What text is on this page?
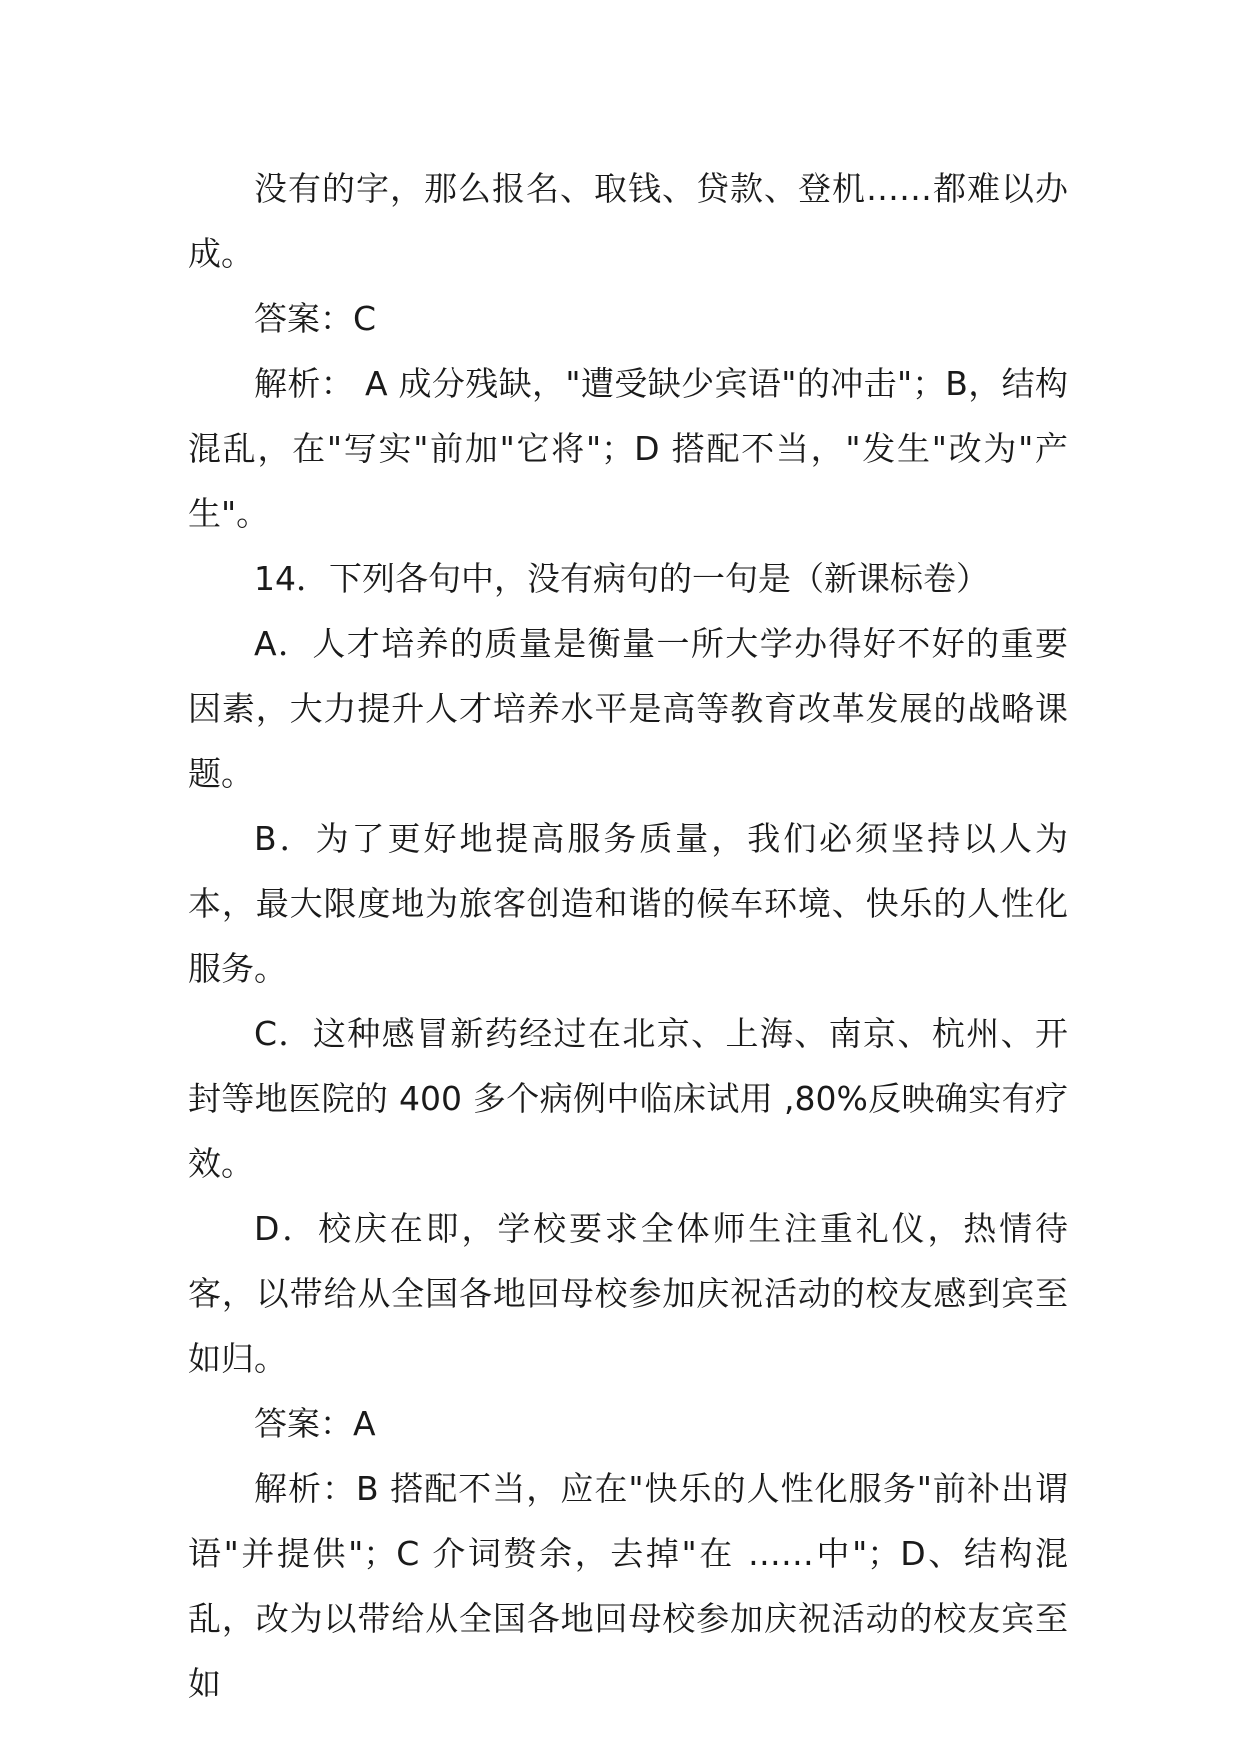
没有的字，那么报名、取钱、贷款、登机……都难以办成。

答案：C

解析： A 成分残缺，"遭受缺少宾语"的冲击"；B，结构混乱，在"写实"前加"它将"；D 搭配不当，"发生"改为"产生"。

14．下列各句中，没有病句的一句是（新课标卷）

A．人才培养的质量是衡量一所大学办得好不好的重要因素，大力提升人才培养水平是高等教育改革发展的战略课题。

B．为了更好地提高服务质量，我们必须坚持以人为本，最大限度地为旅客创造和谐的候车环境、快乐的人性化服务。

C．这种感冒新药经过在北京、上海、南京、杭州、开封等地医院的 400 多个病例中临床试用 ,80%反映确实有疗效。

D．校庆在即，学校要求全体师生注重礼仪，热情待客，以带给从全国各地回母校参加庆祝活动的校友感到宾至如归。

答案：A

解析：B 搭配不当，应在"快乐的人性化服务"前补出谓语"并提供"；C 介词赘余，去掉"在 ……中"；D、结构混乱，改为以带给从全国各地回母校参加庆祝活动的校友宾至如
